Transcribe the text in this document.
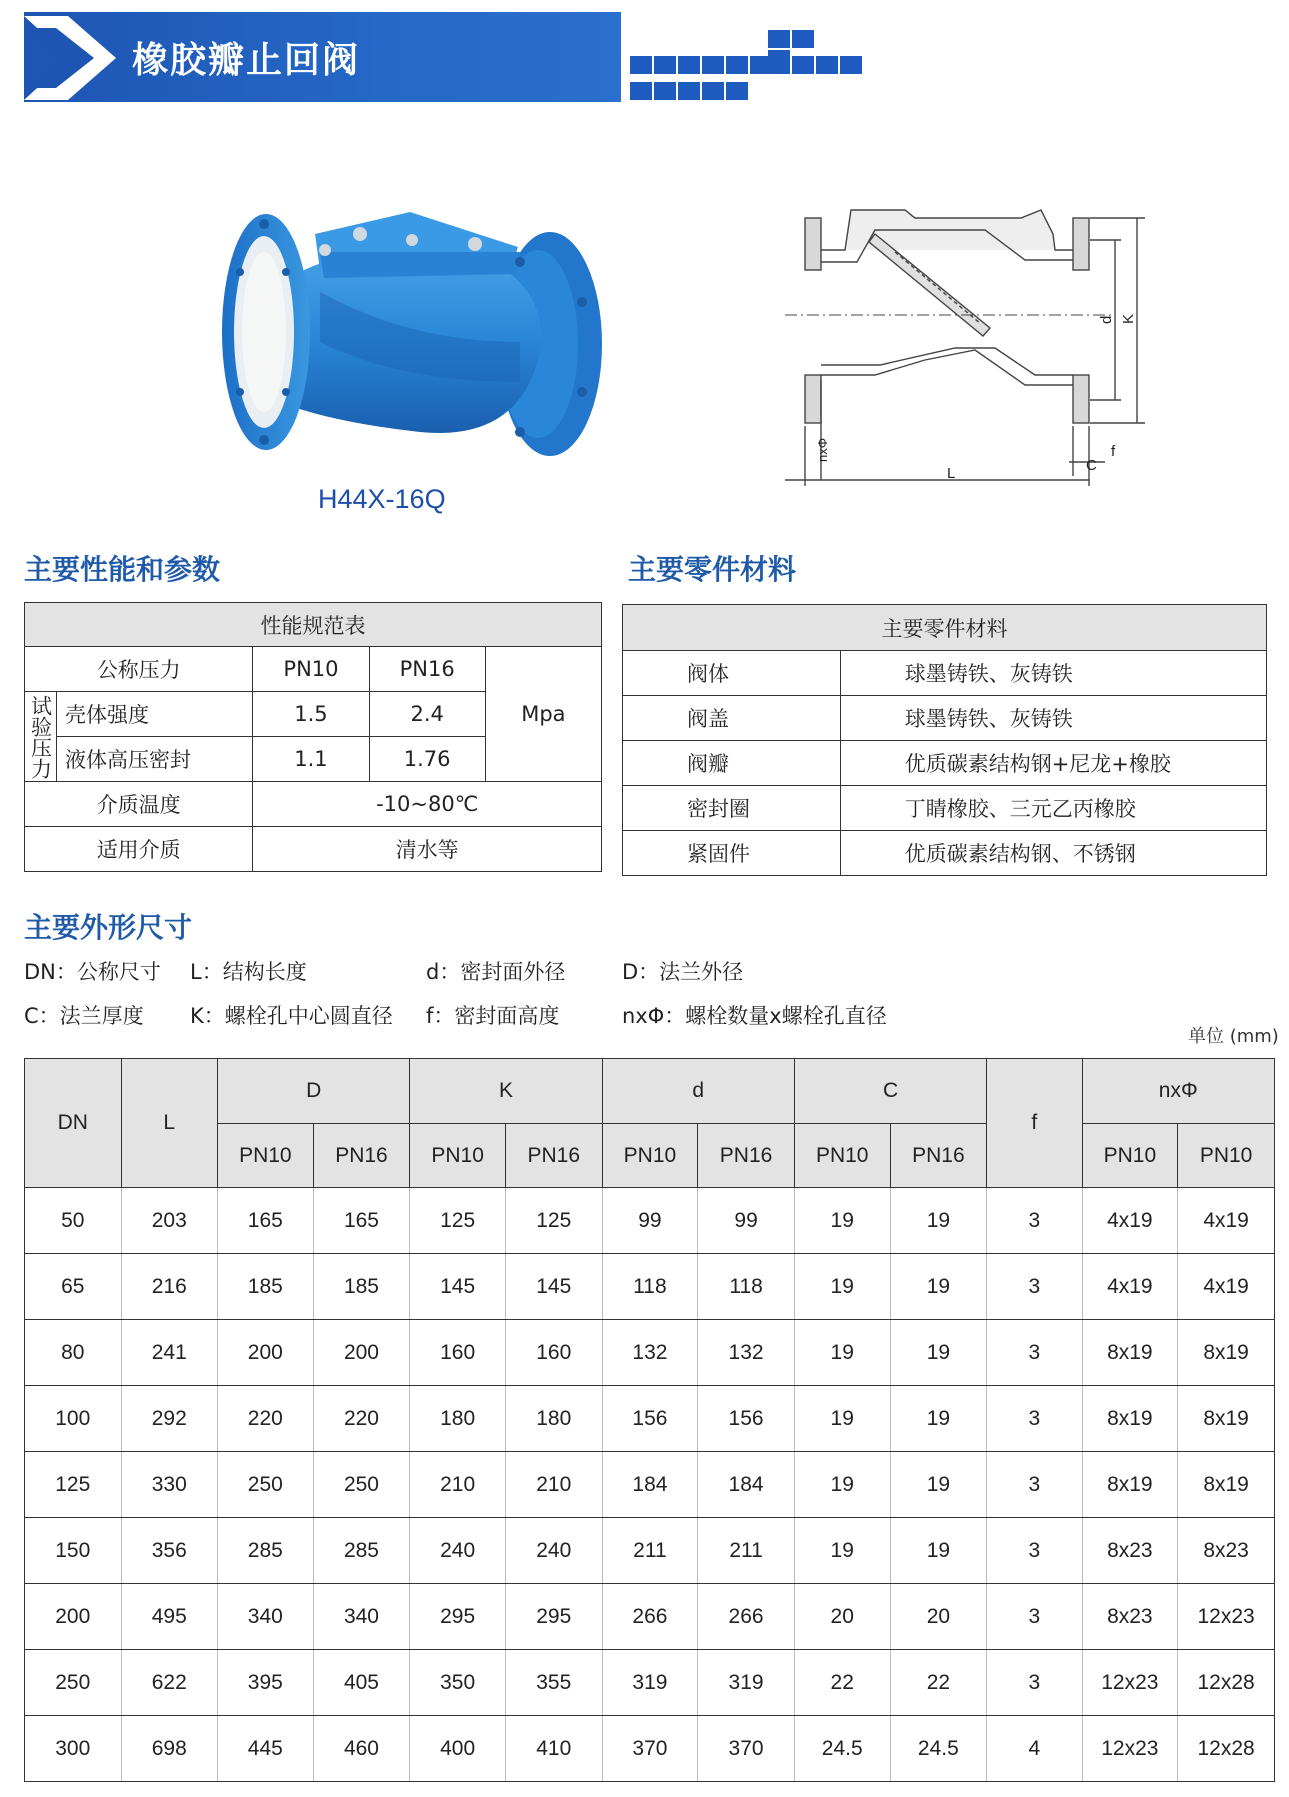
橡胶瓣止回阀
H44X-16Q
L	C
f
d K
nxΦ
主要性能和参数	主要零件材料
性能规范表				
公称压力		PN10	PN16	Mpa

试验压力	壳体强度	1.5	2.4	
	液体高压密封	1.1	1.76	
介质温度		-10~80℃		
适用介质		清水等		
主要零件材料	
阀体	球墨铸铁、灰铸铁
阀盖	球墨铸铁、灰铸铁
阀瓣	优质碳素结构钢+尼龙+橡胶
密封圈	丁睛橡胶、三元乙丙橡胶
紧固件	优质碳素结构钢、不锈钢
主要外形尺寸
DN：公称尺寸 L：结构长度	d：密封面外径	D：法兰外径
C：法兰厚度 K：螺栓孔中心圆直径 f：密封面高度	nxΦ：螺栓数量x螺栓孔直径
单位 (mm)
DN	L	D		K		d		C		f	nxΦ	
		PN10	PN16	PN10	PN16	PN10	PN16	PN10	PN16		PN10	PN10
50	203	165	165	125	125	99	99	19	19	3	4x19	4x19
65	216	185	185	145	145	118	118	19	19	3	4x19	4x19
80	241	200	200	160	160	132	132	19	19	3	8x19	8x19
100	292	220	220	180	180	156	156	19	19	3	8x19	8x19
125	330	250	250	210	210	184	184	19	19	3	8x19	8x19
150	356	285	285	240	240	211	211	19	19	3	8x23	8x23
200	495	340	340	295	295	266	266	20	20	3	8x23	12x23
250	622	395	405	350	355	319	319	22	22	3	12x23	12x28
300	698	445	460	400	410	370	370	24.5	24.5	4	12x23	12x28
